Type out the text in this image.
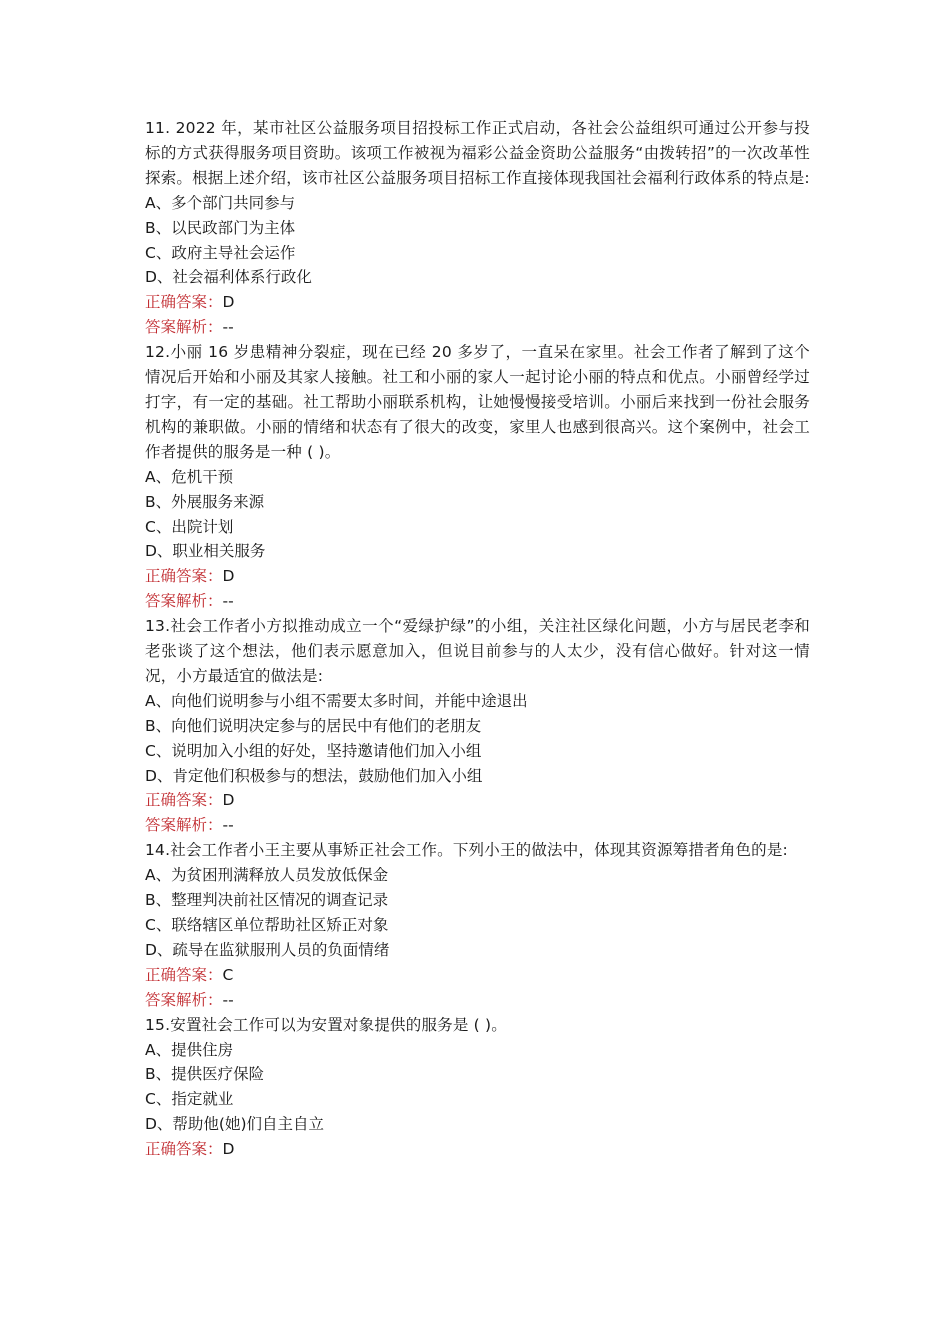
11. 2022 年，某市社区公益服务项目招投标工作正式启动，各社会公益组织可通过公开参与投标的方式获得服务项目资助。该项工作被视为福彩公益金资助公益服务“由拨转招”的一次改革性探索。根据上述介绍，该市社区公益服务项目招标工作直接体现我国社会福利行政体系的特点是:

A、多个部门共同参与

B、以民政部门为主体

C、政府主导社会运作

D、社会福利体系行政化

正确答案：D

答案解析：--

12.小丽 16 岁患精神分裂症，现在已经 20 多岁了，一直呆在家里。社会工作者了解到了这个情况后开始和小丽及其家人接触。社工和小丽的家人一起讨论小丽的特点和优点。小丽曾经学过打字，有一定的基础。社工帮助小丽联系机构，让她慢慢接受培训。小丽后来找到一份社会服务机构的兼职做。小丽的情绪和状态有了很大的改变，家里人也感到很高兴。这个案例中，社会工作者提供的服务是一种 ( )。

A、危机干预

B、外展服务来源

C、出院计划

D、职业相关服务

正确答案：D

答案解析：--

13.社会工作者小方拟推动成立一个“爱绿护绿”的小组，关注社区绿化问题，小方与居民老李和老张谈了这个想法，他们表示愿意加入，但说目前参与的人太少，没有信心做好。针对这一情况，小方最适宜的做法是:

A、向他们说明参与小组不需要太多时间，并能中途退出

B、向他们说明决定参与的居民中有他们的老朋友

C、说明加入小组的好处，坚持邀请他们加入小组

D、肯定他们积极参与的想法，鼓励他们加入小组

正确答案：D

答案解析：--

14.社会工作者小王主要从事矫正社会工作。下列小王的做法中，体现其资源筹措者角色的是:

A、为贫困刑满释放人员发放低保金

B、整理判决前社区情况的调查记录

C、联络辖区单位帮助社区矫正对象

D、疏导在监狱服刑人员的负面情绪

正确答案：C

答案解析：--

15.安置社会工作可以为安置对象提供的服务是 ( )。

A、提供住房

B、提供医疗保险

C、指定就业

D、帮助他(她)们自主自立

正确答案：D
